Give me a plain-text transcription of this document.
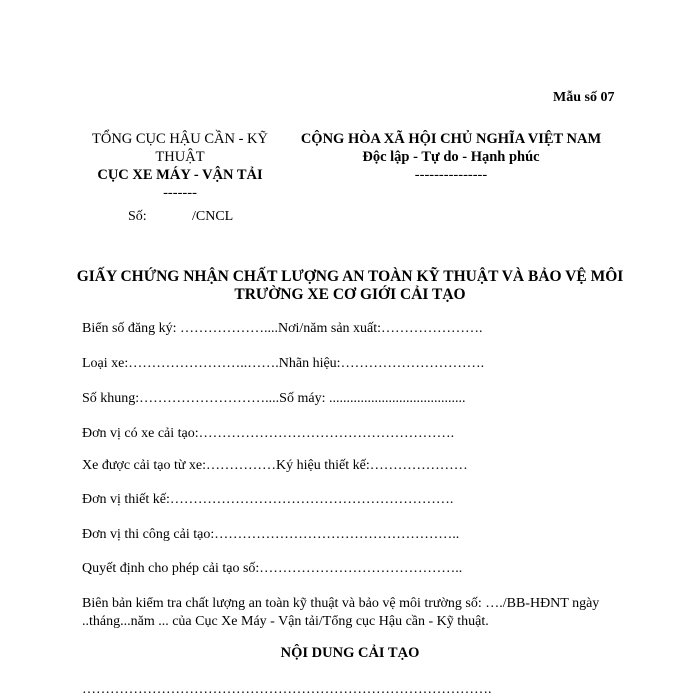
Mẫu số 07
TỔNG CỤC HẬU CẦN - KỸ THUẬT
CỤC XE MÁY - VẬN TẢI
-------
CỘNG HÒA XÃ HỘI CHỦ NGHĨA VIỆT NAM
Độc lập - Tự do - Hạnh phúc
---------------
Số:	/CNCL
GIẤY CHỨNG NHẬN CHẤT LƯỢNG AN TOÀN KỸ THUẬT VÀ BẢO VỆ MÔI TRƯỜNG XE CƠ GIỚI CẢI TẠO
Biển số đăng ký: ………………....Nơi/năm sản xuất:………………….
Loại xe:……………………..…….Nhãn hiệu:………………………….
Số khung:………………………....Số máy: .......................................
Đơn vị có xe cải tạo:……………………………………………….
Xe được cải tạo từ xe:……………Ký hiệu thiết kế:…………………
Đơn vị thiết kế:…………………………………………………….
Đơn vị thi công cải tạo:……………………………………………..
Quyết định cho phép cải tạo số:……………………………………..
Biên bản kiểm tra chất lượng an toàn kỹ thuật và bảo vệ môi trường số: …./BB-HĐNT ngày ..tháng...năm ... của Cục Xe Máy - Vận tải/Tổng cục Hậu cần - Kỹ thuật.
NỘI DUNG CẢI TẠO
…………………………………………………………………………….
